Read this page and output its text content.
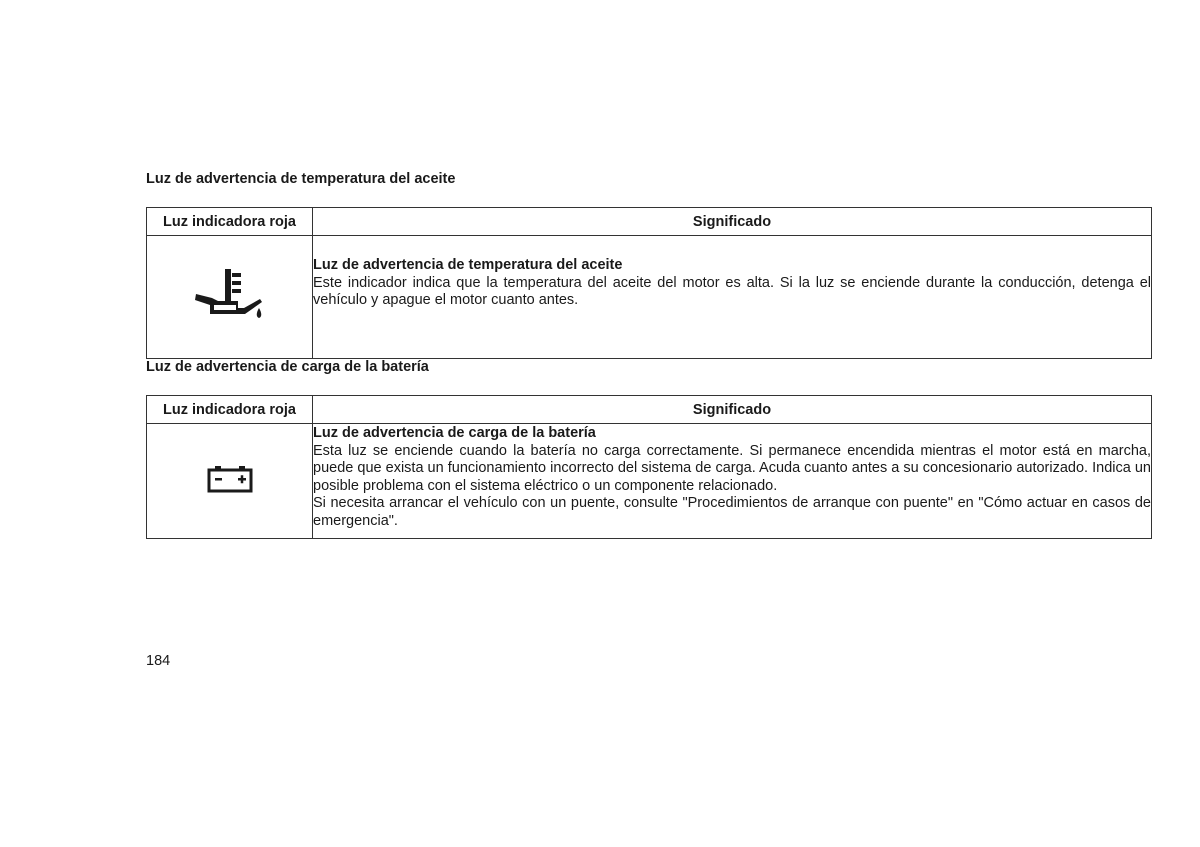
Luz de advertencia de temperatura del aceite
Luz indicadora roja	Significado

Luz de advertencia de temperatura del aceite
Este indicador indica que la temperatura del aceite del motor es alta. Si la luz se enciende durante la conducción, detenga el vehículo y apague el motor cuanto antes.
Luz de advertencia de carga de la batería
Luz indicadora roja	Significado

Luz de advertencia de carga de la batería
Esta luz se enciende cuando la batería no carga correctamente. Si permanece encendida mientras el motor está en marcha, puede que exista un funcionamiento incorrecto del sistema de carga. Acuda cuanto antes a su concesionario autorizado. Indica un posible problema con el sistema eléctrico o un componente relacionado.
Si necesita arrancar el vehículo con un puente, consulte "Procedimientos de arranque con puente" en "Cómo actuar en casos de emergencia".

184
